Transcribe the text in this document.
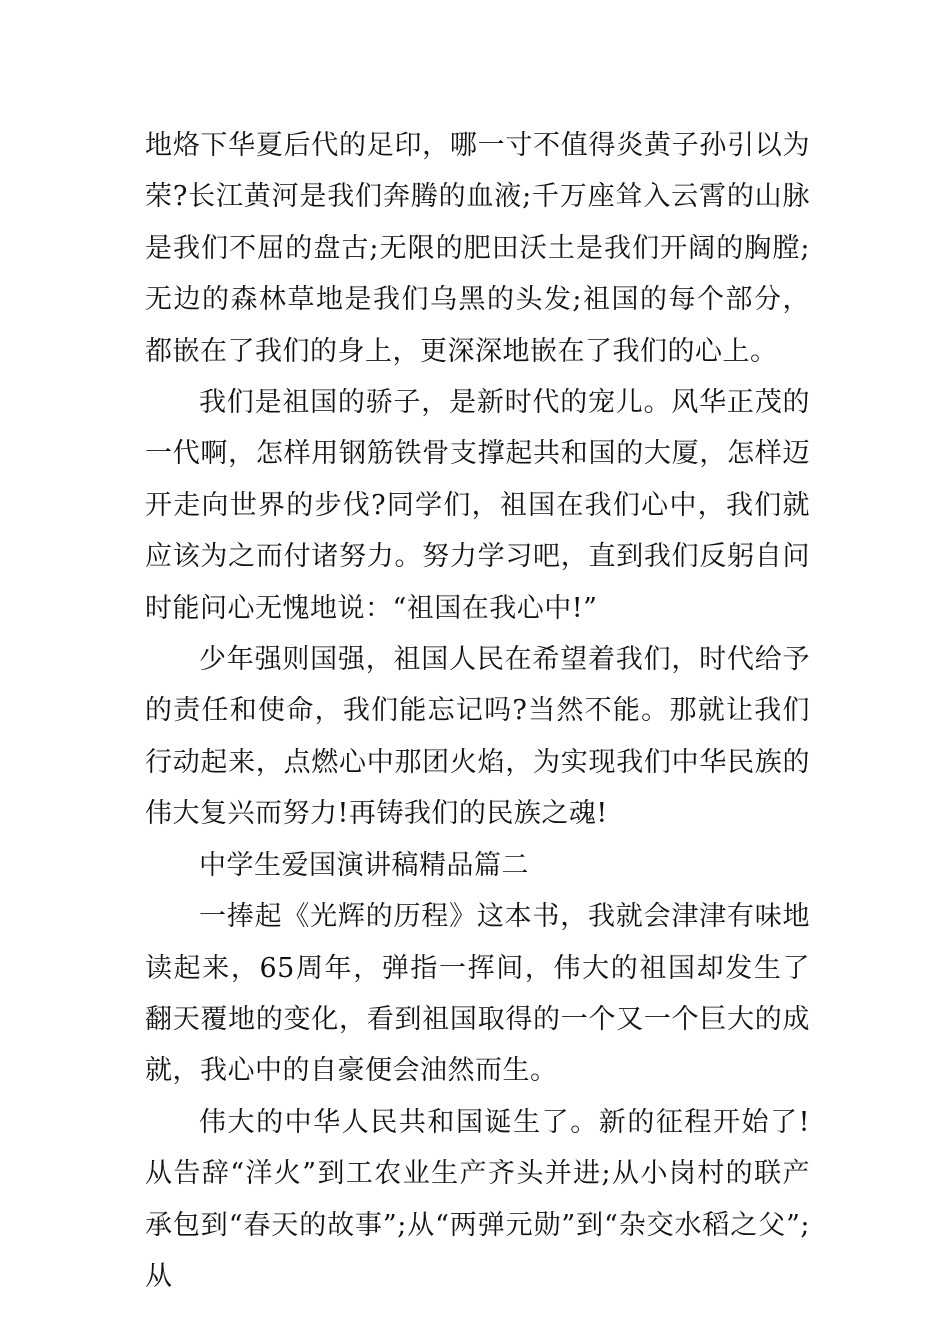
地烙下华夏后代的足印，哪一寸不值得炎黄子孙引以为荣?长江黄河是我们奔腾的血液;千万座耸入云霄的山脉是我们不屈的盘古;无限的肥田沃土是我们开阔的胸膛;无边的森林草地是我们乌黑的头发;祖国的每个部分，都嵌在了我们的身上，更深深地嵌在了我们的心上。

我们是祖国的骄子，是新时代的宠儿。风华正茂的一代啊，怎样用钢筋铁骨支撑起共和国的大厦，怎样迈开走向世界的步伐?同学们，祖国在我们心中，我们就应该为之而付诸努力。努力学习吧，直到我们反躬自问时能问心无愧地说：“祖国在我心中!”

少年强则国强，祖国人民在希望着我们，时代给予的责任和使命，我们能忘记吗?当然不能。那就让我们行动起来，点燃心中那团火焰，为实现我们中华民族的伟大复兴而努力!再铸我们的民族之魂!

中学生爱国演讲稿精品篇二

一捧起《光辉的历程》这本书，我就会津津有味地读起来，65周年，弹指一挥间，伟大的祖国却发生了翻天覆地的变化，看到祖国取得的一个又一个巨大的成就，我心中的自豪便会油然而生。

伟大的中华人民共和国诞生了。新的征程开始了!从告辞“洋火”到工农业生产齐头并进;从小岗村的联产承包到“春天的故事”;从“两弹元勋”到“杂交水稻之父”;从
